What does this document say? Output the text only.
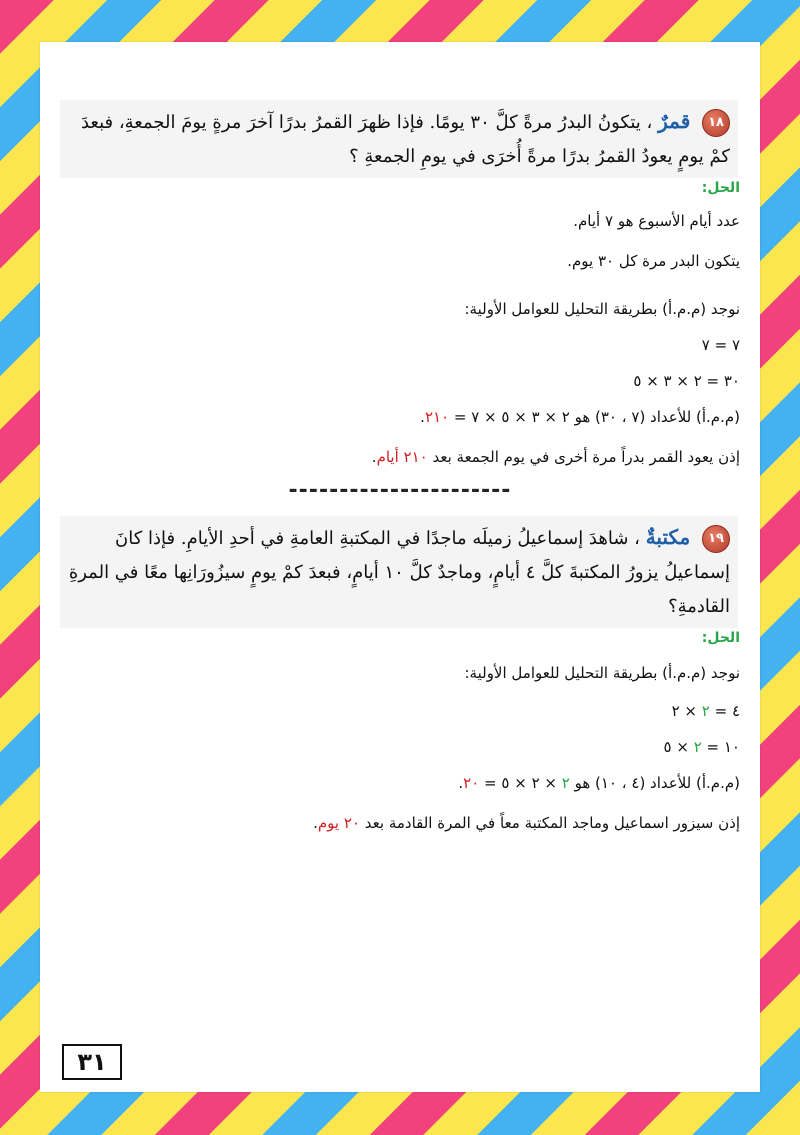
١٨ قمرٌ ، يتكونُ البدرُ مرةً كلَّ ٣٠ يومًا. فإذا ظهرَ القمرُ بدرًا آخرَ مرةٍ يومَ الجمعةِ، فبعدَ كمْ يومٍ يعودُ القمرُ بدرًا مرةً أُخرَى في يومِ الجمعةِ ؟
الحل:
عدد أيام الأسبوع هو ٧ أيام.
يتكون البدر مرة كل ٣٠ يوم.
نوجد (م.م.أ) بطريقة التحليل للعوامل الأولية:
٧ = ٧
٣٠ = ٢ × ٣ × ٥
(م.م.أ) للأعداد (٧ ، ٣٠) هو ٢ × ٣ × ٥ × ٧ = ٢١٠.
إذن يعود القمر بدراً مرة أخرى في يوم الجمعة بعد ٢١٠ أيام.
----------------------
١٩ مكتبةٌ ، شاهدَ إسماعيلُ زميلَه ماجدًا في المكتبةِ العامةِ في أحدِ الأيامِ. فإذا كانَ إسماعيلُ يزورُ المكتبةَ كلَّ ٤ أيامٍ، وماجدٌ كلَّ ١٠ أيامٍ، فبعدَ كمْ يومٍ سيزُورَانِها معًا في المرةِ القادمةِ؟
الحل:
نوجد (م.م.أ) بطريقة التحليل للعوامل الأولية:
٤ = ٢ × ٢
١٠ = ٢ × ٥
(م.م.أ) للأعداد (٤ ، ١٠) هو ٢ × ٢ × ٥ = ٢٠.
إذن سيزور اسماعيل وماجد المكتبة معاً في المرة القادمة بعد ٢٠ يوم.
٣١
